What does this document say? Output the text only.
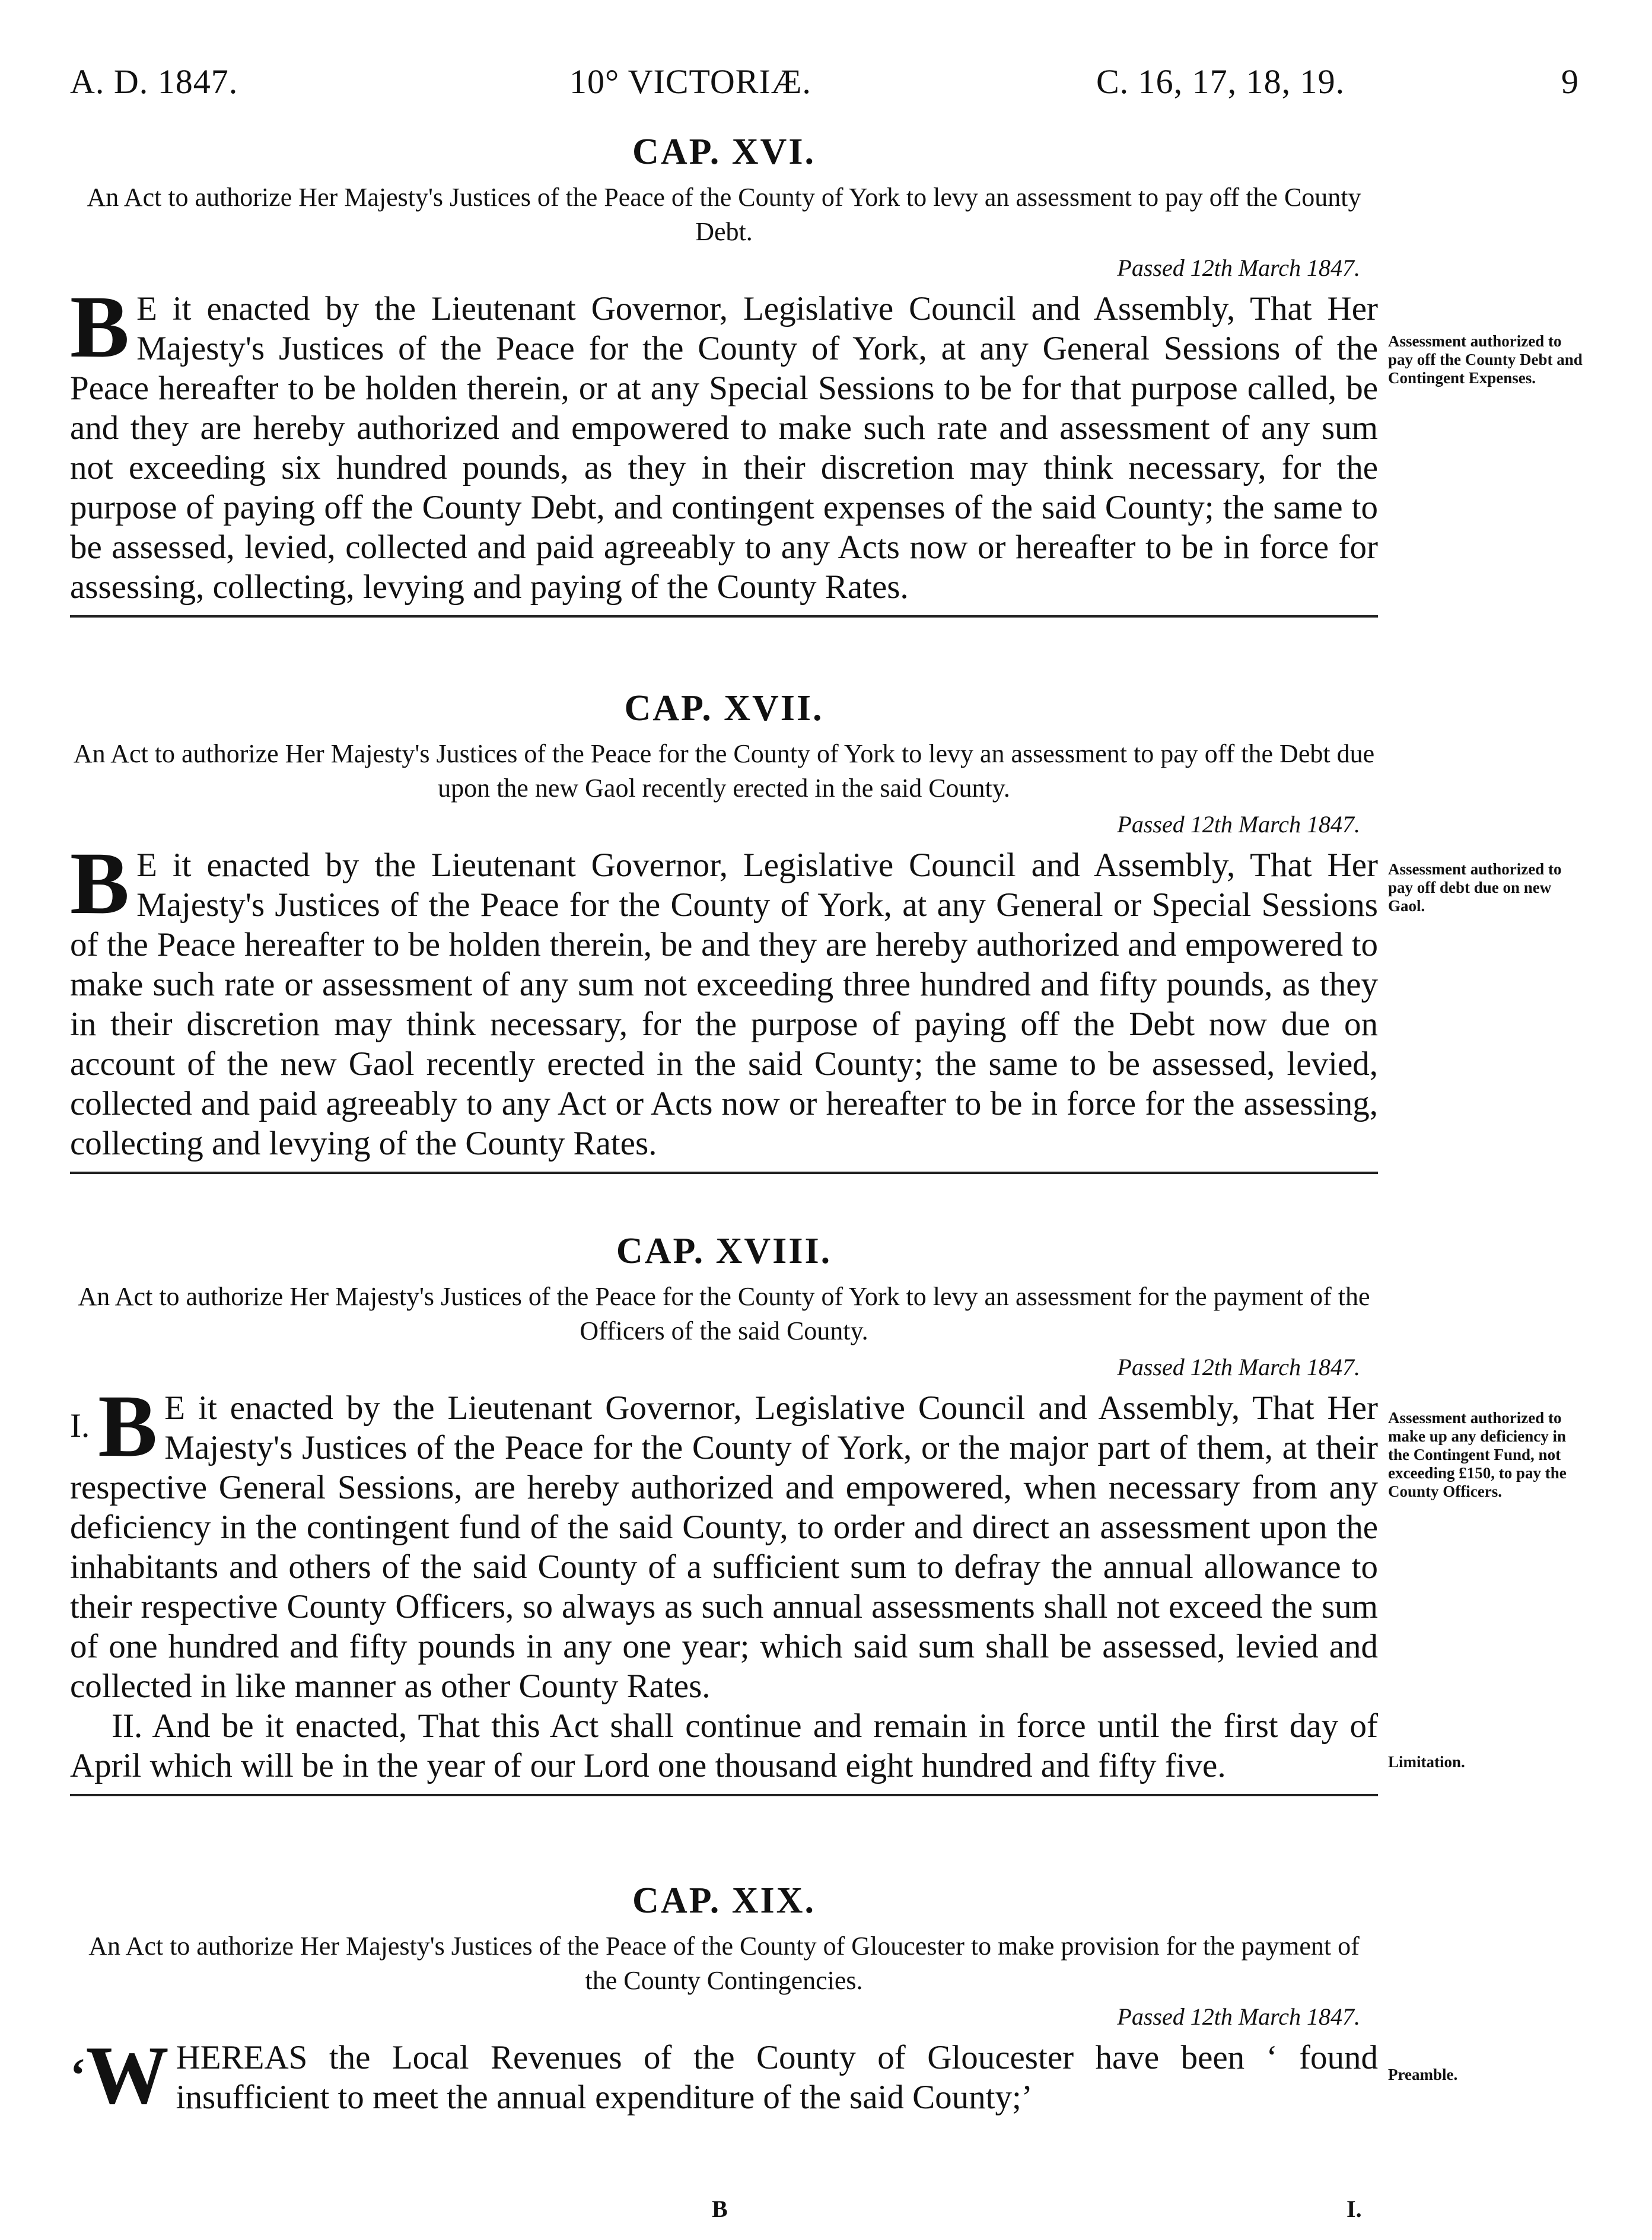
A. D. 1847.	10° VICTORIÆ.	C. 16, 17, 18, 19.	9
CAP. XVI.

An Act to authorize Her Majesty's Justices of the Peace of the County of York to levy an assessment to pay off the County Debt.

Passed 12th March 1847.

B E it enacted by the Lieutenant Governor, Legislative Council and Assembly, That Her Majesty's Justices of the Peace for the County of York, at any General Sessions of the Peace hereafter to be holden therein, or at any Special Sessions to be for that purpose called, be and they are hereby authorized and empowered to make such rate and assessment of any sum not exceeding six hundred pounds, as they in their discretion may think necessary, for the purpose of paying off the County Debt, and contingent expenses of the said County; the same to be assessed, levied, collected and paid agreeably to any Acts now or hereafter to be in force for assessing, collecting, levying and paying of the County Rates.

Assessment authorized to pay off the County Debt and Contingent Expenses.
CAP. XVII.

An Act to authorize Her Majesty's Justices of the Peace for the County of York to levy an assessment to pay off the Debt due upon the new Gaol recently erected in the said County.

Passed 12th March 1847.

B E it enacted by the Lieutenant Governor, Legislative Council and Assembly, That Her Majesty's Justices of the Peace for the County of York, at any General or Special Sessions of the Peace hereafter to be holden therein, be and they are hereby authorized and empowered to make such rate or assessment of any sum not exceeding three hundred and fifty pounds, as they in their discretion may think necessary, for the purpose of paying off the Debt now due on account of the new Gaol recently erected in the said County; the same to be assessed, levied, collected and paid agreeably to any Act or Acts now or hereafter to be in force for the assessing, collecting and levying of the County Rates.

Assessment authorized to pay off debt due on new Gaol.
CAP. XVIII.

An Act to authorize Her Majesty's Justices of the Peace for the County of York to levy an assessment for the payment of the Officers of the said County.

Passed 12th March 1847.

I. B E it enacted by the Lieutenant Governor, Legislative Council and Assembly, That Her Majesty's Justices of the Peace for the County of York, or the major part of them, at their respective General Sessions, are hereby authorized and empowered, when necessary from any deficiency in the contingent fund of the said County, to order and direct an assessment upon the inhabitants and others of the said County of a sufficient sum to defray the annual allowance to their respective County Officers, so always as such annual assessments shall not exceed the sum of one hundred and fifty pounds in any one year; which said sum shall be assessed, levied and collected in like manner as other County Rates.

II. And be it enacted, That this Act shall continue and remain in force until the first day of April which will be in the year of our Lord one thousand eight hundred and fifty five.

Assessment authorized to make up any deficiency in the Contingent Fund, not exceeding £150, to pay the County Officers.
Limitation.
CAP. XIX.

An Act to authorize Her Majesty's Justices of the Peace of the County of Gloucester to make provision for the payment of the County Contingencies.

Passed 12th March 1847.

‘W HEREAS the Local Revenues of the County of Gloucester have been ‘ found insufficient to meet the annual expenditure of the said County;’

Preamble.
B	I.
